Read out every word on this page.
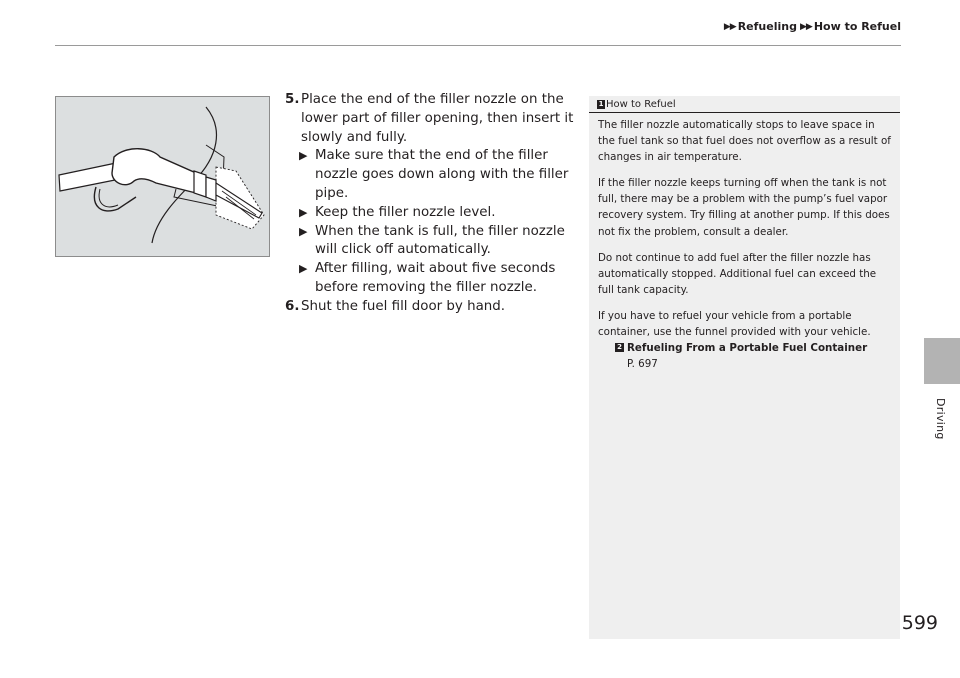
▶ ▶ Refueling ▶ ▶ How to Refuel
5. Place the end of the filler nozzle on the lower part of filler opening, then insert it slowly and fully.
▶ Make sure that the end of the filler nozzle goes down along with the filler pipe.
▶ Keep the filler nozzle level.
▶ When the tank is full, the filler nozzle will click off automatically.
▶ After filling, wait about five seconds before removing the filler nozzle.
6. Shut the fuel fill door by hand.
1 How to Refuel

The filler nozzle automatically stops to leave space in the fuel tank so that fuel does not overflow as a result of changes in air temperature.

If the filler nozzle keeps turning off when the tank is not full, there may be a problem with the pump’s fuel vapor recovery system. Try filling at another pump. If this does not fix the problem, consult a dealer.

Do not continue to add fuel after the filler nozzle has automatically stopped. Additional fuel can exceed the full tank capacity.

If you have to refuel your vehicle from a portable container, use the funnel provided with your vehicle.

2 Refueling From a Portable Fuel Container
P. 697
Driving
599
